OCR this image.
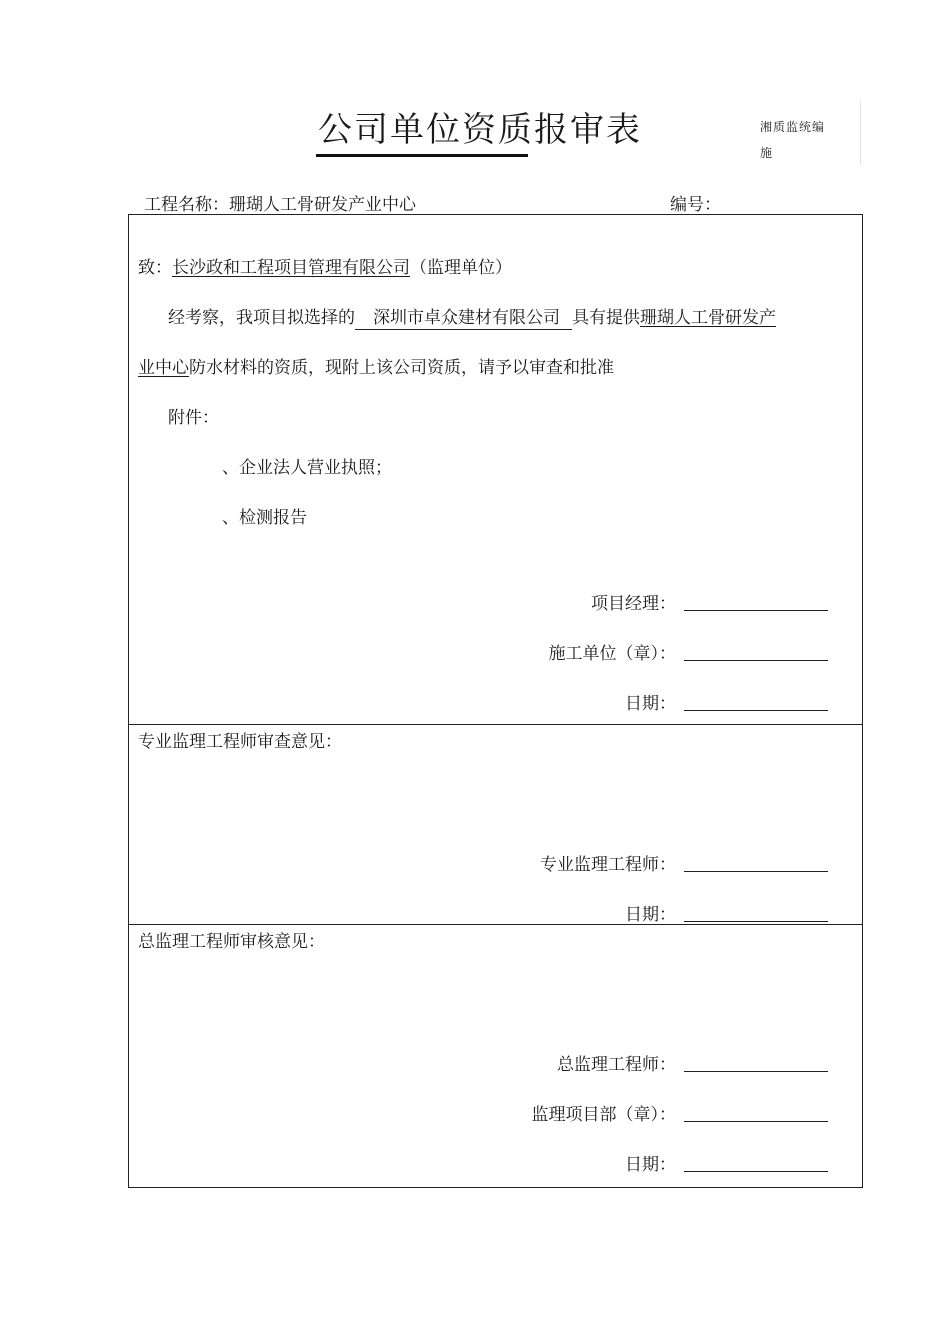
公司单位资质报审表	湘质监统编
施
工程名称：珊瑚人工骨研发产业中心	编号：
致：长沙政和工程项目管理有限公司（监理单位）
经考察，我项目拟选择的 深圳市卓众建材有限公司 具有提供珊瑚人工骨研发产
业中心防水材料的资质，现附上该公司资质，请予以审查和批准
附件：
、企业法人营业执照；
、检测报告
项目经理：
施工单位（章）：
日期：
专业监理工程师审查意见：
专业监理工程师：
日期：
总监理工程师审核意见：
总监理工程师：
监理项目部（章）：
日期：
